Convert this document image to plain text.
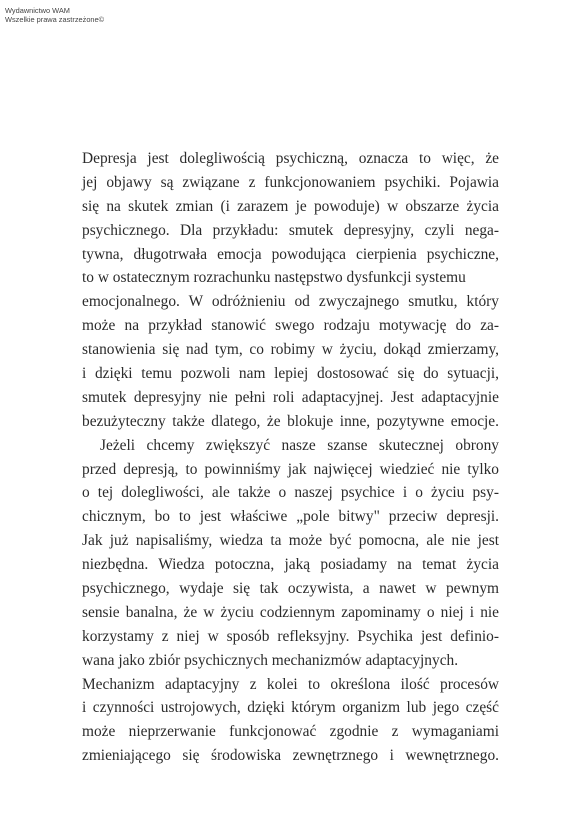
Wydawnictwo WAM
Wszelkie prawa zastrzeżone©
Depresja jest dolegliwością psychiczną, oznacza to więc, że
jej objawy są związane z funkcjonowaniem psychiki. Pojawia
się na skutek zmian (i zarazem je powoduje) w obszarze życia
psychicznego. Dla przykładu: smutek depresyjny, czyli nega-
tywna, długotrwała emocja powodująca cierpienia psychiczne,
to w ostatecznym rozrachunku następstwo dysfunkcji systemu
emocjonalnego. W odróżnieniu od zwyczajnego smutku, który
może na przykład stanowić swego rodzaju motywację do za-
stanowienia się nad tym, co robimy w życiu, dokąd zmierzamy,
i dzięki temu pozwoli nam lepiej dostosować się do sytuacji,
smutek depresyjny nie pełni roli adaptacyjnej. Jest adaptacyjnie
bezużyteczny także dlatego, że blokuje inne, pozytywne emocje.
Jeżeli chcemy zwiększyć nasze szanse skutecznej obrony
przed depresją, to powinniśmy jak najwięcej wiedzieć nie tylko
o tej dolegliwości, ale także o naszej psychice i o życiu psy-
chicznym, bo to jest właściwe „pole bitwy" przeciw depresji.
Jak już napisaliśmy, wiedza ta może być pomocna, ale nie jest
niezbędna. Wiedza potoczna, jaką posiadamy na temat życia
psychicznego, wydaje się tak oczywista, a nawet w pewnym
sensie banalna, że w życiu codziennym zapominamy o niej i nie
korzystamy z niej w sposób refleksyjny. Psychika jest definio-
wana jako zbiór psychicznych mechanizmów adaptacyjnych.
Mechanizm adaptacyjny z kolei to określona ilość procesów
i czynności ustrojowych, dzięki którym organizm lub jego część
może nieprzerwanie funkcjonować zgodnie z wymaganiami
zmieniającego się środowiska zewnętrznego i wewnętrznego.
